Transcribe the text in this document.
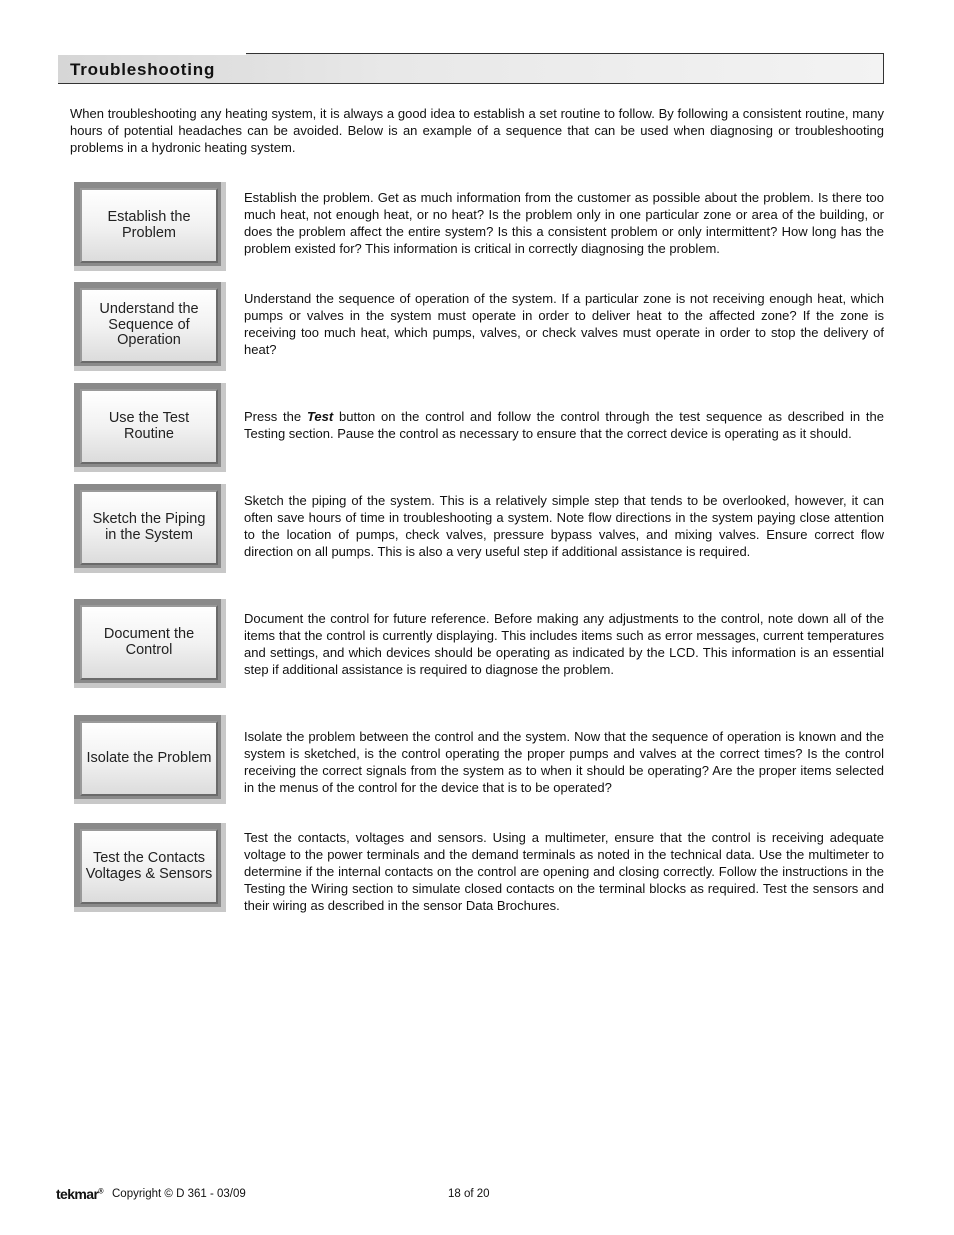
Troubleshooting

When troubleshooting any heating system, it is always a good idea to establish a set routine to follow. By following a consistent routine, many hours of potential headaches can be avoided. Below is an example of a sequence that can be used when diagnosing or troubleshooting problems in a hydronic heating system.

Establish the Problem

Establish the problem. Get as much information from the customer as possible about the problem. Is there too much heat, not enough heat, or no heat? Is the problem only in one particular zone or area of the building, or does the problem affect the entire system? Is this a consistent problem or only intermittent? How long has the problem existed for? This information is critical in correctly diagnosing the problem.

Understand the Sequence of Operation

Understand the sequence of operation of the system. If a particular zone is not receiving enough heat, which pumps or valves in the system must operate in order to deliver heat to the affected zone? If the zone is receiving too much heat, which pumps, valves, or check valves must operate in order to stop the delivery of heat?

Use the Test Routine

Press the Test button on the control and follow the control through the test sequence as described in the Testing section. Pause the control as necessary to ensure that the correct device is operating as it should.

Sketch the Piping in the System

Sketch the piping of the system. This is a relatively simple step that tends to be overlooked, however, it can often save hours of time in troubleshooting a system. Note flow directions in the system paying close attention to the location of pumps, check valves, pressure bypass valves, and mixing valves. Ensure correct flow direction on all pumps. This is also a very useful step if additional assistance is required.

Document the Control

Document the control for future reference. Before making any adjustments to the control, note down all of the items that the control is currently displaying. This includes items such as error messages, current temperatures and settings, and which devices should be operating as indicated by the LCD. This information is an essential step if additional assistance is required to diagnose the problem.

Isolate the Problem

Isolate the problem between the control and the system. Now that the sequence of operation is known and the system is sketched, is the control operating the proper pumps and valves at the correct times? Is the control receiving the correct signals from the system as to when it should be operating? Are the proper items selected in the menus of the control for the device that is to be operated?

Test the Contacts Voltages & Sensors

Test the contacts, voltages and sensors. Using a multimeter, ensure that the control is receiving adequate voltage to the power terminals and the demand terminals as noted in the technical data. Use the multimeter to determine if the internal contacts on the control are opening and closing correctly. Follow the instructions in the Testing the Wiring section to simulate closed contacts on the terminal blocks as required. Test the sensors and their wiring as described in the sensor Data Brochures.

tekmar® Copyright © D 361 - 03/09	18 of 20
